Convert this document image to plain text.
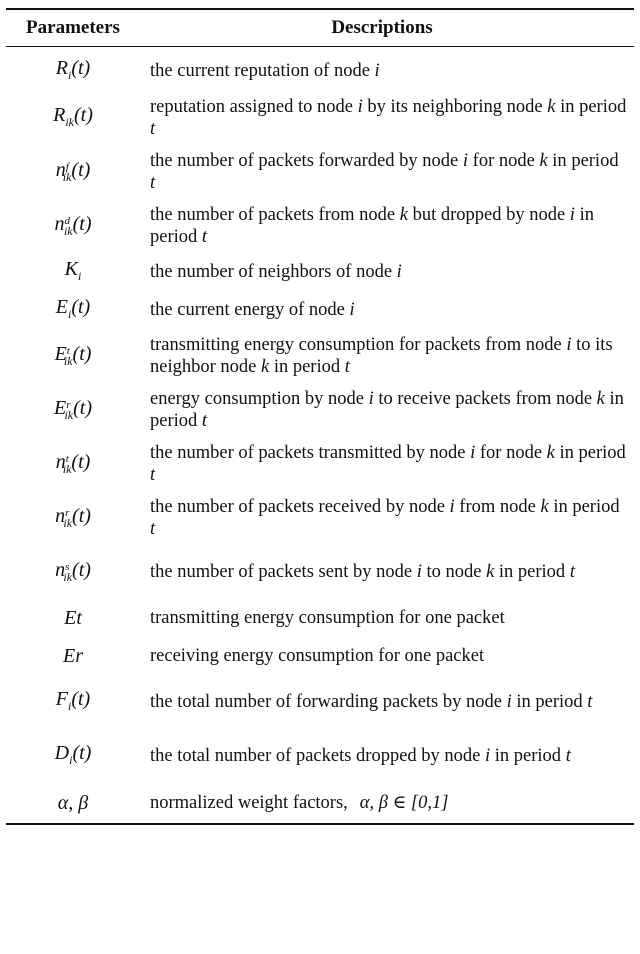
Parameters	Descriptions
$R_i(t)$	the current reputation of node i
$R_{ik}(t)$	reputation assigned to node i by its neighboring node k in period t
$n^f_{ik}(t)$	the number of packets forwarded by node i for node k in period t
$n^d_{ik}(t)$	the number of packets from node k but dropped by node i in period t
$K_i$	the number of neighbors of node i
$E_i(t)$	the current energy of node i
$E^t_{ik}(t)$	transmitting energy consumption for packets from node i to its neighbor node k in period t
$E^r_{ik}(t)$	energy consumption by node i to receive packets from node k in period t
$n^t_{ik}(t)$	the number of packets transmitted by node i for node k in period t
$n^r_{ik}(t)$	the number of packets received by node i from node k in period t
$n^s_{ik}(t)$	the number of packets sent by node i to node k in period t
Et	transmitting energy consumption for one packet
Er	receiving energy consumption for one packet
$F_i(t)$	the total number of forwarding packets by node i in period t
$D_i(t)$	the total number of packets dropped by node i in period t
α, β	normalized weight factors, α, β ∈ [0,1]
